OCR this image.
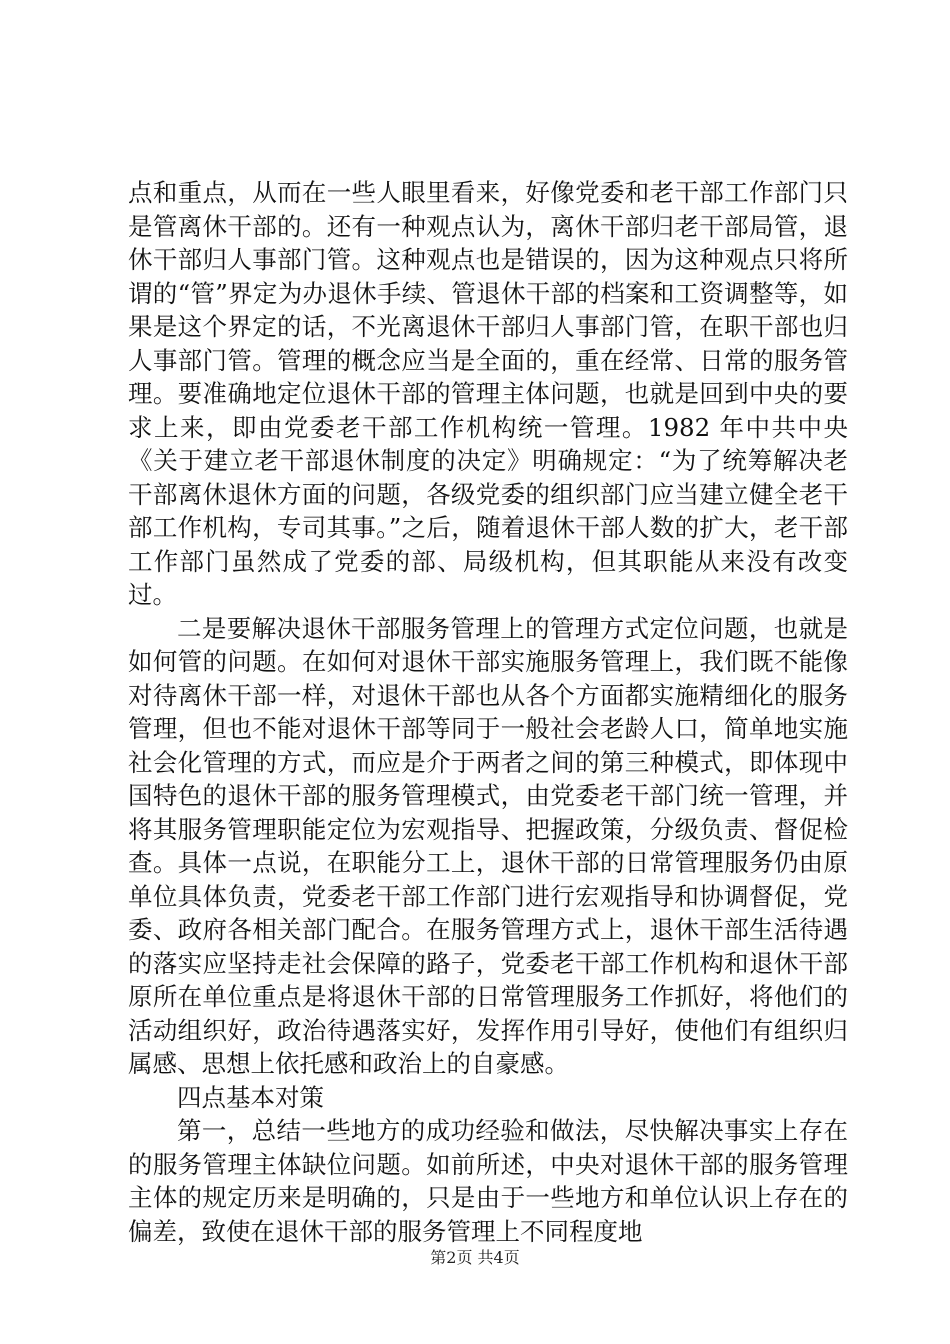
点和重点，从而在一些人眼里看来，好像党委和老干部工作部门只是管离休干部的。还有一种观点认为，离休干部归老干部局管，退休干部归人事部门管。这种观点也是错误的，因为这种观点只将所谓的“管”界定为办退休手续、管退休干部的档案和工资调整等，如果是这个界定的话，不光离退休干部归人事部门管，在职干部也归人事部门管。管理的概念应当是全面的，重在经常、日常的服务管理。要准确地定位退休干部的管理主体问题，也就是回到中央的要求上来，即由党委老干部工作机构统一管理。1982 年中共中央《关于建立老干部退休制度的决定》明确规定：“为了统筹解决老干部离休退休方面的问题，各级党委的组织部门应当建立健全老干部工作机构，专司其事。”之后，随着退休干部人数的扩大，老干部工作部门虽然成了党委的部、局级机构，但其职能从来没有改变过。

二是要解决退休干部服务管理上的管理方式定位问题，也就是如何管的问题。在如何对退休干部实施服务管理上，我们既不能像对待离休干部一样，对退休干部也从各个方面都实施精细化的服务管理，但也不能对退休干部等同于一般社会老龄人口，简单地实施社会化管理的方式，而应是介于两者之间的第三种模式，即体现中国特色的退休干部的服务管理模式，由党委老干部门统一管理，并将其服务管理职能定位为宏观指导、把握政策，分级负责、督促检查。具体一点说，在职能分工上，退休干部的日常管理服务仍由原单位具体负责，党委老干部工作部门进行宏观指导和协调督促，党委、政府各相关部门配合。在服务管理方式上，退休干部生活待遇的落实应坚持走社会保障的路子，党委老干部工作机构和退休干部原所在单位重点是将退休干部的日常管理服务工作抓好，将他们的活动组织好，政治待遇落实好，发挥作用引导好，使他们有组织归属感、思想上依托感和政治上的自豪感。

四点基本对策

第一，总结一些地方的成功经验和做法，尽快解决事实上存在的服务管理主体缺位问题。如前所述，中央对退休干部的服务管理主体的规定历来是明确的，只是由于一些地方和单位认识上存在的偏差，致使在退休干部的服务管理上不同程度地

第2页 共4页
